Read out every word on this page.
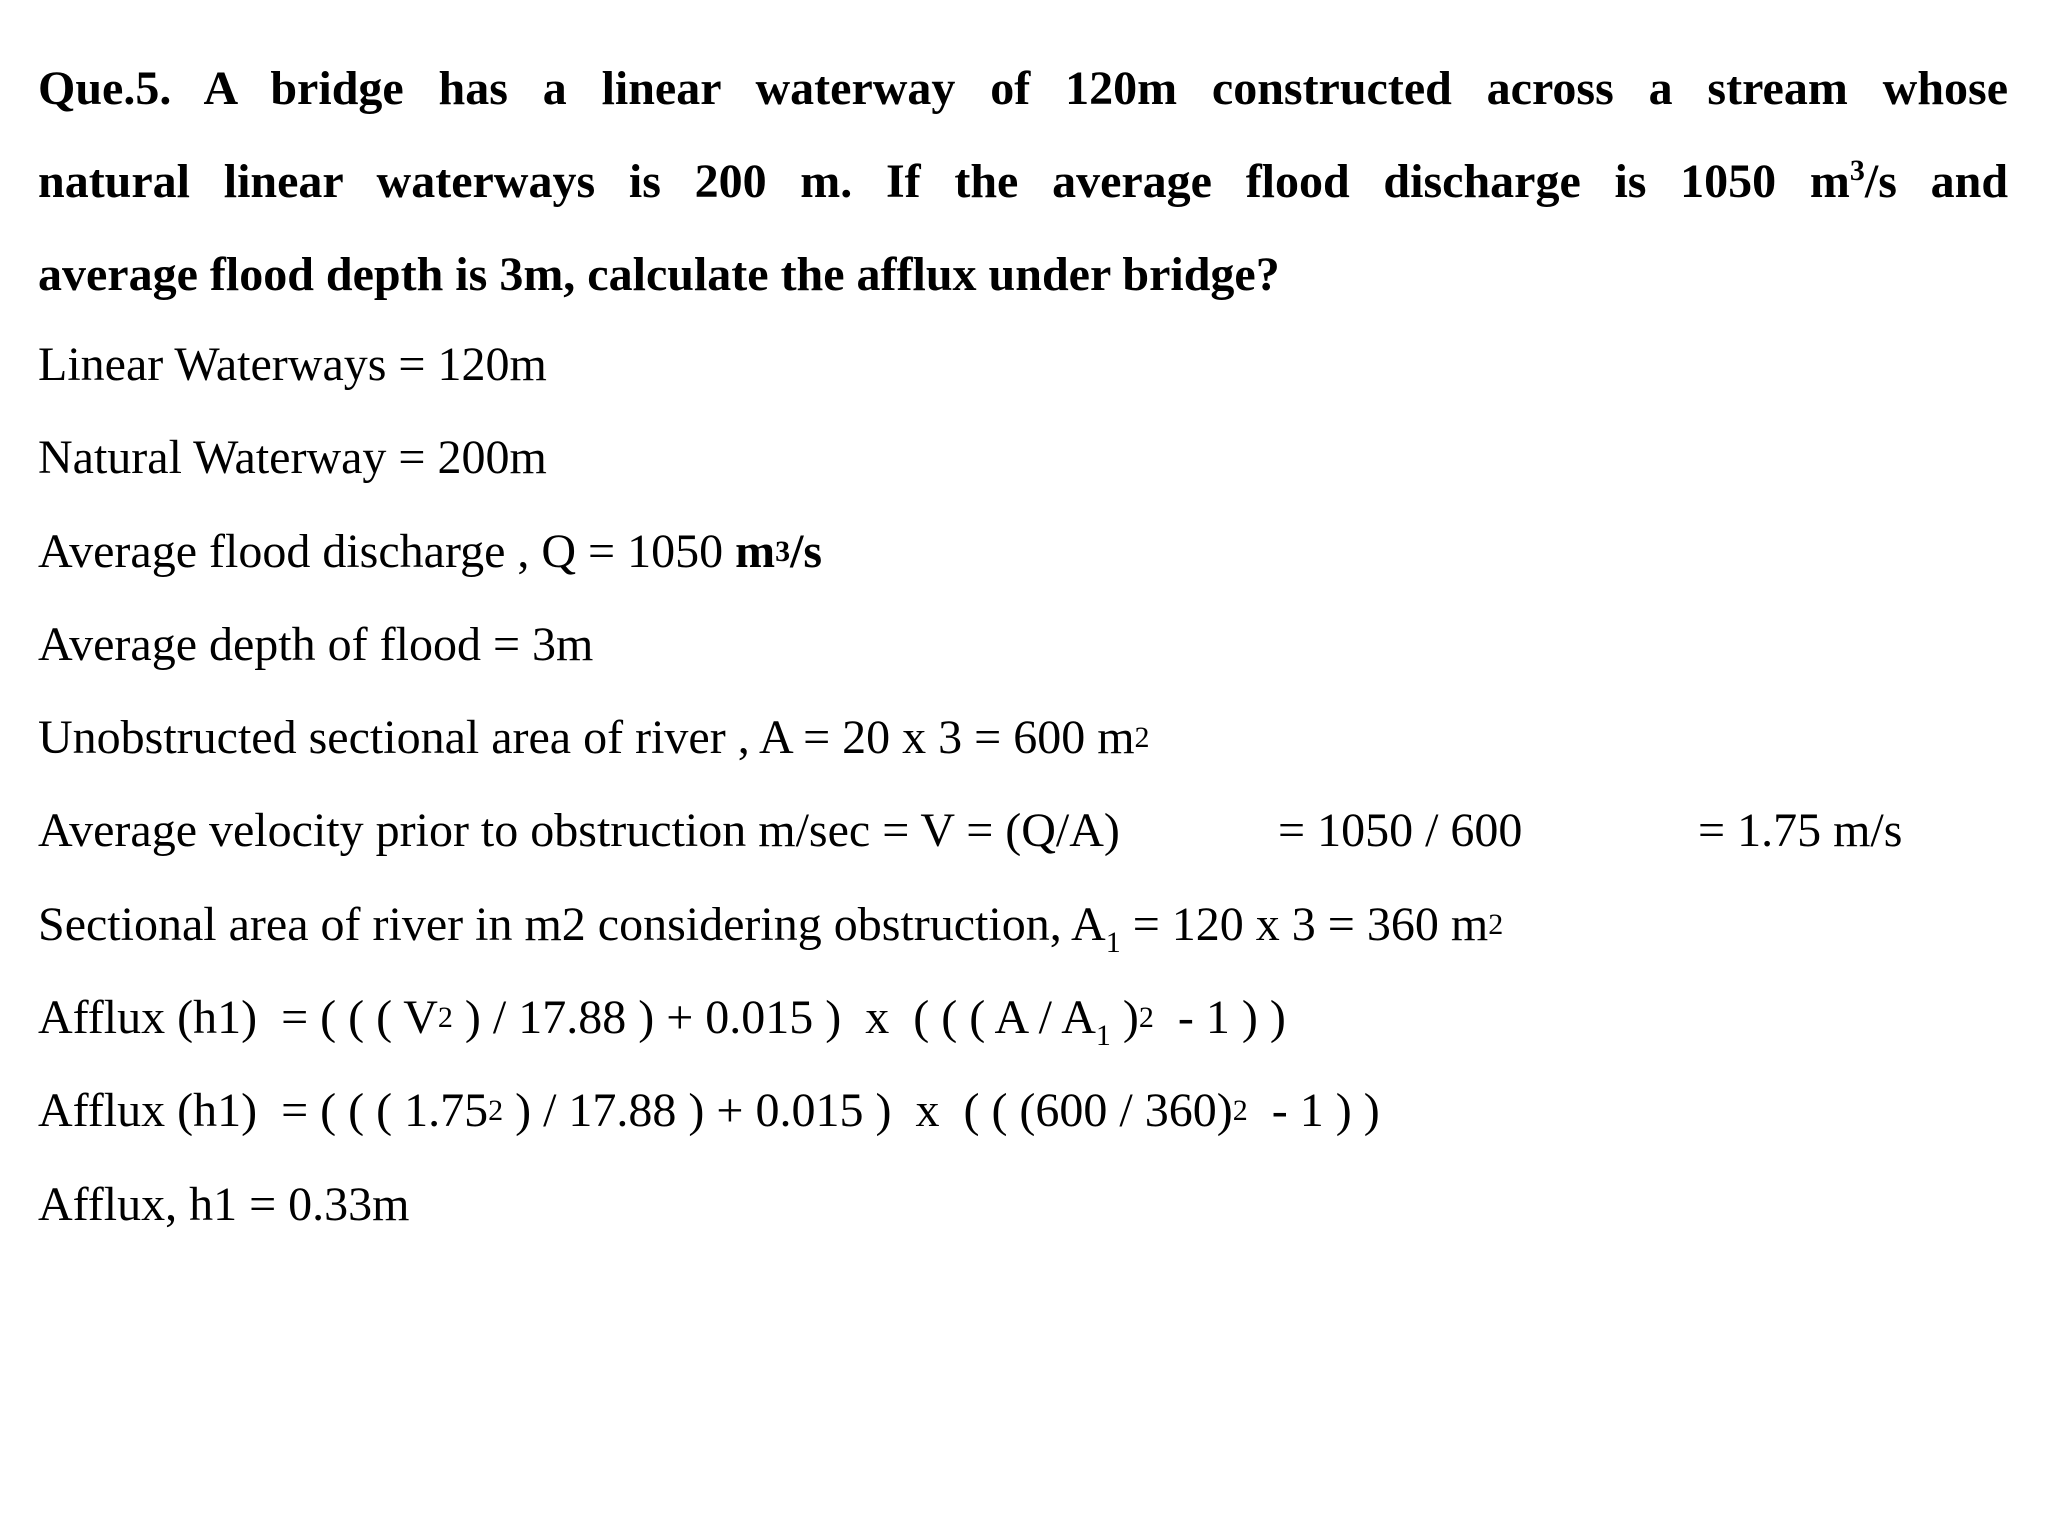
Que.5. A bridge has a linear waterway of 120m constructed across a stream whose
natural linear waterways is 200 m. If the average flood discharge is 1050 $m^3/s$ and
average flood depth is 3m, calculate the afflux under bridge?
Linear Waterways = 120m
Natural Waterway = 200m
Average flood discharge , Q = 1050 $m^3/s$
Average depth of flood = 3m
Unobstructed sectional area of river , A = 20 x 3 = 600 $m^2$
Average velocity prior to obstruction m/sec = V = (Q/A)	= 1050 / 600	= 1.75 m/s
Sectional area of river in m2 considering obstruction, $A_1 = 120$ x 3 = 360 $m^2$
Afflux (h1)  = ( ( ( $V^2$ ) / 17.88 ) + 0.015 )  x  ( ( ( A / $A_1$ )$^2$  - 1 ) )
Afflux (h1)  = ( ( ( 1.75$^2$ ) / 17.88 ) + 0.015 )  x  ( ( (600 / 360)$^2$  - 1 ) )
Afflux, h1 = 0.33m
